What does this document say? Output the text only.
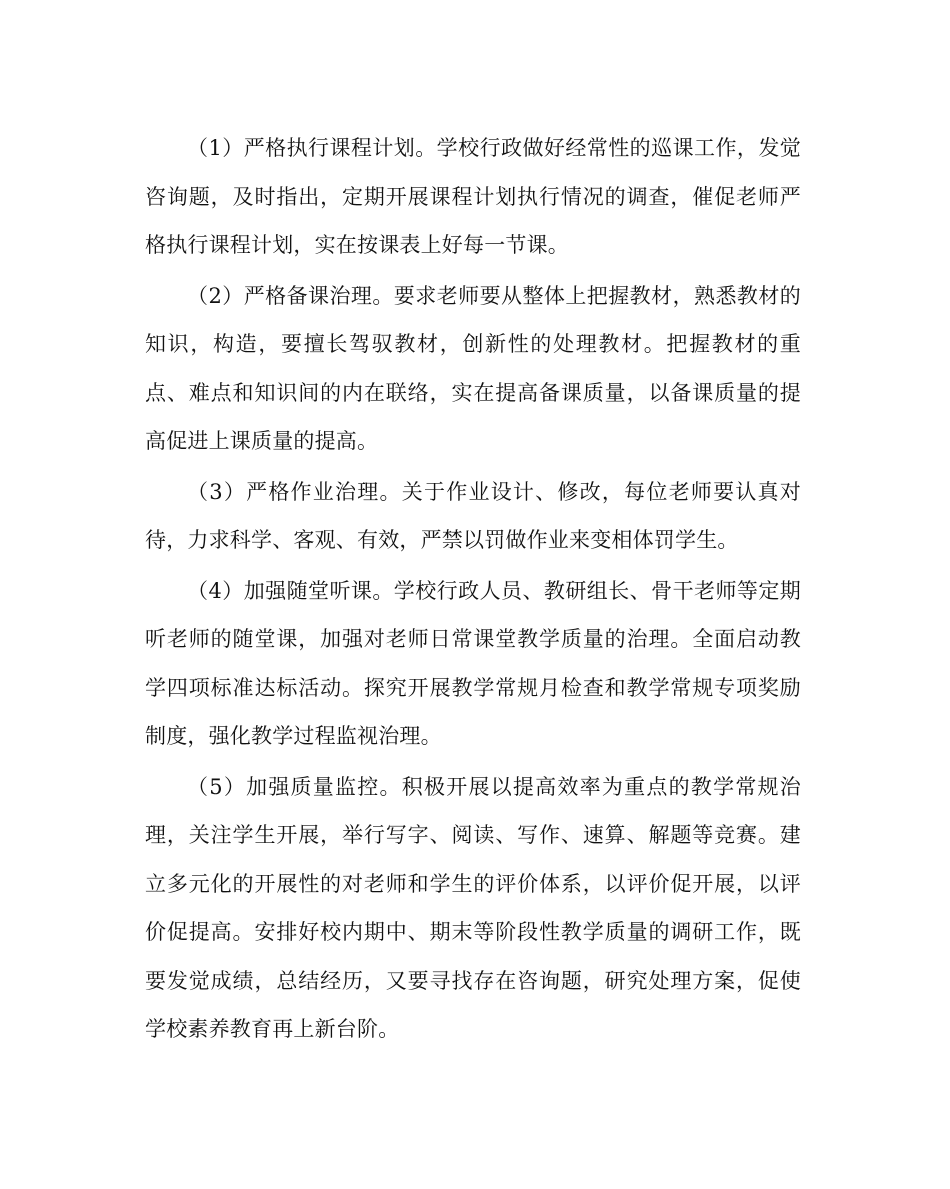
（1）严格执行课程计划。学校行政做好经常性的巡课工作，发觉咨询题，及时指出，定期开展课程计划执行情况的调查，催促老师严格执行课程计划，实在按课表上好每一节课。

（2）严格备课治理。要求老师要从整体上把握教材，熟悉教材的知识，构造，要擅长驾驭教材，创新性的处理教材。把握教材的重点、难点和知识间的内在联络，实在提高备课质量，以备课质量的提高促进上课质量的提高。

（3）严格作业治理。关于作业设计、修改，每位老师要认真对待，力求科学、客观、有效，严禁以罚做作业来变相体罚学生。

（4）加强随堂听课。学校行政人员、教研组长、骨干老师等定期听老师的随堂课，加强对老师日常课堂教学质量的治理。全面启动教学四项标准达标活动。探究开展教学常规月检查和教学常规专项奖励制度，强化教学过程监视治理。

（5）加强质量监控。积极开展以提高效率为重点的教学常规治理，关注学生开展，举行写字、阅读、写作、速算、解题等竞赛。建立多元化的开展性的对老师和学生的评价体系，以评价促开展，以评价促提高。安排好校内期中、期末等阶段性教学质量的调研工作，既要发觉成绩，总结经历，又要寻找存在咨询题，研究处理方案，促使学校素养教育再上新台阶。
